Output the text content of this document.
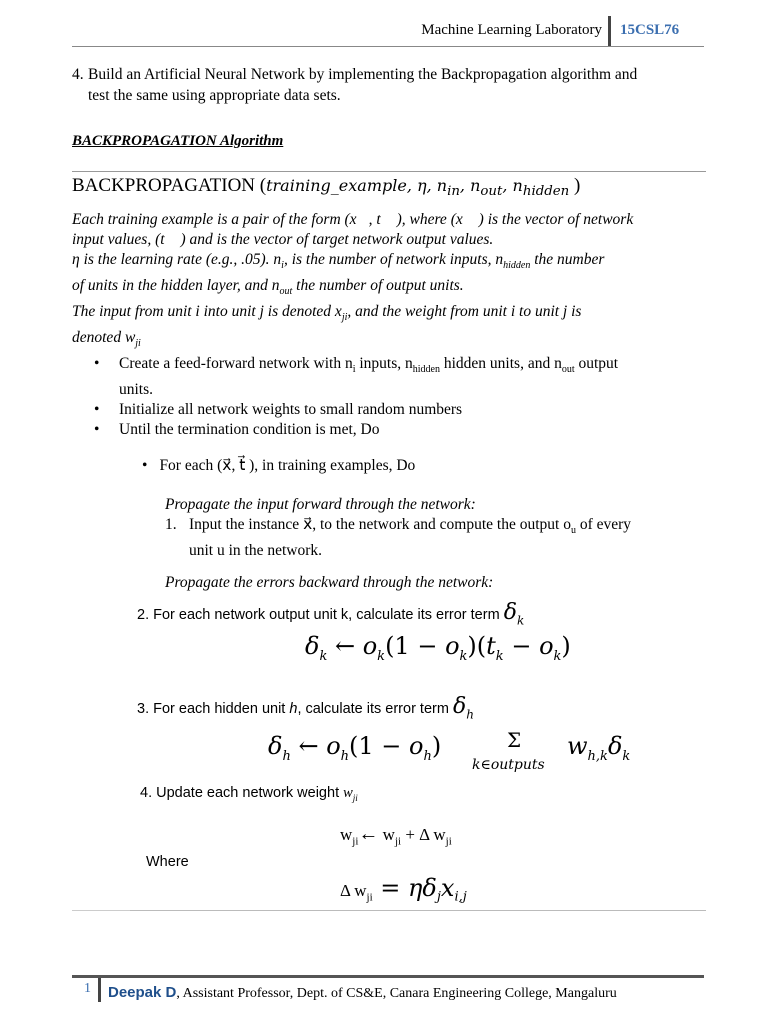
Machine Learning Laboratory 15CSL76
4. Build an Artificial Neural Network by implementing the Backpropagation algorithm and
test the same using appropriate data sets.
BACKPROPAGATION Algorithm
BACKPROPAGATION (training_example, η, $n_{in}$, $n_{out}$, $n_{hidden}$ )
Each training example is a pair of the form (x⃗, t⃗ ), where (x⃗ ) is the vector of network
input values, (t⃗ ) and is the vector of target network output values.
η is the learning rate (e.g., .05). $n_i$, is the number of network inputs, $n_{hidden}$ the number
of units in the hidden layer, and $n_{out}$ the number of output units.
The input from unit i into unit j is denoted $x_{ji}$, and the weight from unit i to unit j is
denoted $w_{ji}$
• Create a feed-forward network with $n_i$ inputs, $n_{hidden}$ hidden units, and $n_{out}$ output
units.
• Initialize all network weights to small random numbers
• Until the termination condition is met, Do
• For each (x⃗, t⃗ ), in training examples, Do
Propagate the input forward through the network:
1. Input the instance x⃗, to the network and compute the output $o_u$ of every
unit u in the network.
Propagate the errors backward through the network:
2. For each network output unit k, calculate its error term $\delta_k$
$\delta_k$ ← $o_k(1 - o_k)(t_k - o_k)$
3. For each hidden unit h, calculate its error term $\delta_h$
$\delta_h$ ← $o_h(1 - o_h)$	Σ
k∈outputs
$w_{h,k}\delta_k$
4. Update each network weight $w_{ji}$
$w_{ji}\leftarrow$ $w_{ji} + \Delta$ $w_{ji}$
Where
Δ $w_{ji} = \eta\delta_jx_{i,j}$
1 Deepak D, Assistant Professor, Dept. of CS&E, Canara Engineering College, Mangaluru
